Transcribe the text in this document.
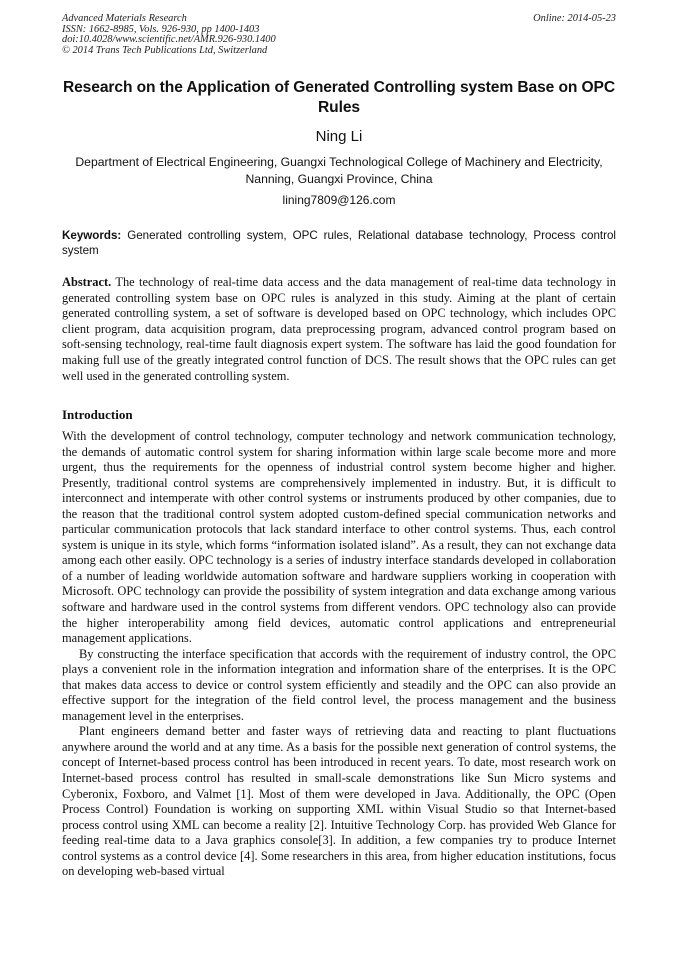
Advanced Materials Research
ISSN: 1662-8985, Vols. 926-930, pp 1400-1403
doi:10.4028/www.scientific.net/AMR.926-930.1400
© 2014 Trans Tech Publications Ltd, Switzerland
Online: 2014-05-23
Research on the Application of Generated Controlling system Base on OPC Rules
Ning Li
Department of Electrical Engineering, Guangxi Technological College of Machinery and Electricity, Nanning, Guangxi Province, China
lining7809@126.com
Keywords: Generated controlling system, OPC rules, Relational database technology, Process control system
Abstract. The technology of real-time data access and the data management of real-time data technology in generated controlling system base on OPC rules is analyzed in this study. Aiming at the plant of certain generated controlling system, a set of software is developed based on OPC technology, which includes OPC client program, data acquisition program, data preprocessing program, advanced control program based on soft-sensing technology, real-time fault diagnosis expert system. The software has laid the good foundation for making full use of the greatly integrated control function of DCS. The result shows that the OPC rules can get well used in the generated controlling system.
Introduction

With the development of control technology, computer technology and network communication technology, the demands of automatic control system for sharing information within large scale become more and more urgent, thus the requirements for the openness of industrial control system become higher and higher. Presently, traditional control systems are comprehensively implemented in industry. But, it is difficult to interconnect and intemperate with other control systems or instruments produced by other companies, due to the reason that the traditional control system adopted custom-defined special communication networks and particular communication protocols that lack standard interface to other control systems. Thus, each control system is unique in its style, which forms “information isolated island”. As a result, they can not exchange data among each other easily. OPC technology is a series of industry interface standards developed in collaboration of a number of leading worldwide automation software and hardware suppliers working in cooperation with Microsoft. OPC technology can provide the possibility of system integration and data exchange among various software and hardware used in the control systems from different vendors. OPC technology also can provide the higher interoperability among field devices, automatic control applications and entrepreneurial management applications.

By constructing the interface specification that accords with the requirement of industry control, the OPC plays a convenient role in the information integration and information share of the enterprises. It is the OPC that makes data access to device or control system efficiently and steadily and the OPC can also provide an effective support for the integration of the field control level, the process management and the business management level in the enterprises.

Plant engineers demand better and faster ways of retrieving data and reacting to plant fluctuations anywhere around the world and at any time. As a basis for the possible next generation of control systems, the concept of Internet-based process control has been introduced in recent years. To date, most research work on Internet-based process control has resulted in small-scale demonstrations like Sun Micro systems and Cyberonix, Foxboro, and Valmet [1]. Most of them were developed in Java. Additionally, the OPC (Open Process Control) Foundation is working on supporting XML within Visual Studio so that Internet-based process control using XML can become a reality [2]. Intuitive Technology Corp. has provided Web Glance for feeding real-time data to a Java graphics console[3]. In addition, a few companies try to produce Internet control systems as a control device [4]. Some researchers in this area, from higher education institutions, focus on developing web-based virtual
